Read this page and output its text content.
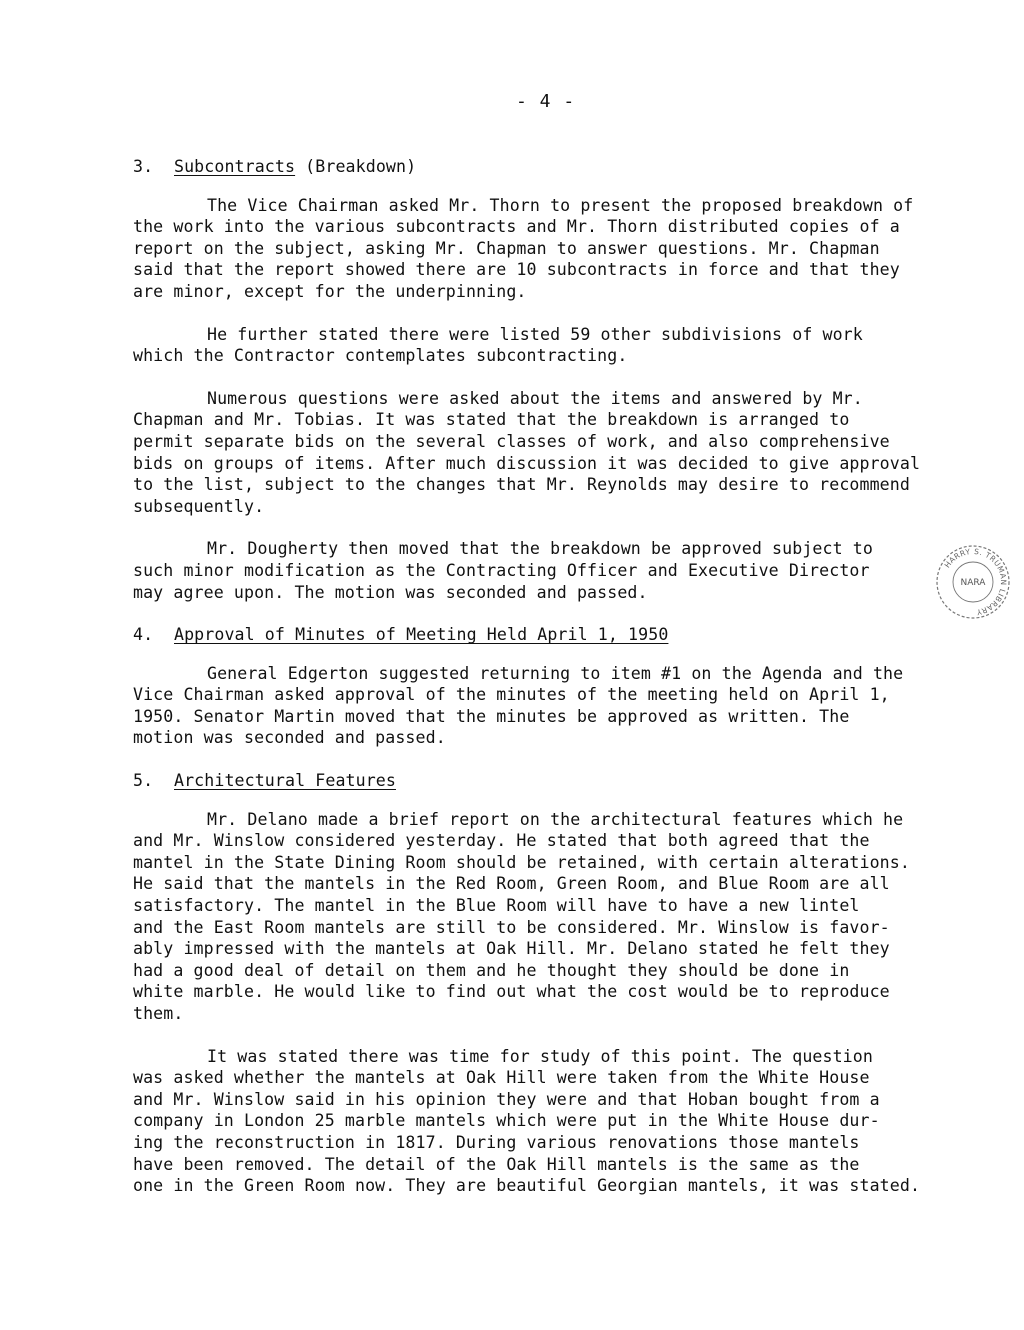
- 4 -
3. Subcontracts (Breakdown)
The Vice Chairman asked Mr. Thorn to present the proposed breakdown of
the work into the various subcontracts and Mr. Thorn distributed copies of a
report on the subject, asking Mr. Chapman to answer questions. Mr. Chapman
said that the report showed there are 10 subcontracts in force and that they
are minor, except for the underpinning.
He further stated there were listed 59 other subdivisions of work
which the Contractor contemplates subcontracting.
Numerous questions were asked about the items and answered by Mr.
Chapman and Mr. Tobias. It was stated that the breakdown is arranged to
permit separate bids on the several classes of work, and also comprehensive
bids on groups of items. After much discussion it was decided to give approval
to the list, subject to the changes that Mr. Reynolds may desire to recommend
subsequently.
Mr. Dougherty then moved that the breakdown be approved subject to
such minor modification as the Contracting Officer and Executive Director
may agree upon. The motion was seconded and passed.
4. Approval of Minutes of Meeting Held April 1, 1950
General Edgerton suggested returning to item #1 on the Agenda and the
Vice Chairman asked approval of the minutes of the meeting held on April 1,
1950. Senator Martin moved that the minutes be approved as written. The
motion was seconded and passed.
5. Architectural Features
Mr. Delano made a brief report on the architectural features which he
and Mr. Winslow considered yesterday. He stated that both agreed that the
mantel in the State Dining Room should be retained, with certain alterations.
He said that the mantels in the Red Room, Green Room, and Blue Room are all
satisfactory. The mantel in the Blue Room will have to have a new lintel
and the East Room mantels are still to be considered. Mr. Winslow is favor-
ably impressed with the mantels at Oak Hill. Mr. Delano stated he felt they
had a good deal of detail on them and he thought they should be done in
white marble. He would like to find out what the cost would be to reproduce
them.
It was stated there was time for study of this point. The question
was asked whether the mantels at Oak Hill were taken from the White House
and Mr. Winslow said in his opinion they were and that Hoban bought from a
company in London 25 marble mantels which were put in the White House dur-
ing the reconstruction in 1817. During various renovations those mantels
have been removed. The detail of the Oak Hill mantels is the same as the
one in the Green Room now. They are beautiful Georgian mantels, it was stated.
HARRY S. TRUMAN LIBRARY
NARA
